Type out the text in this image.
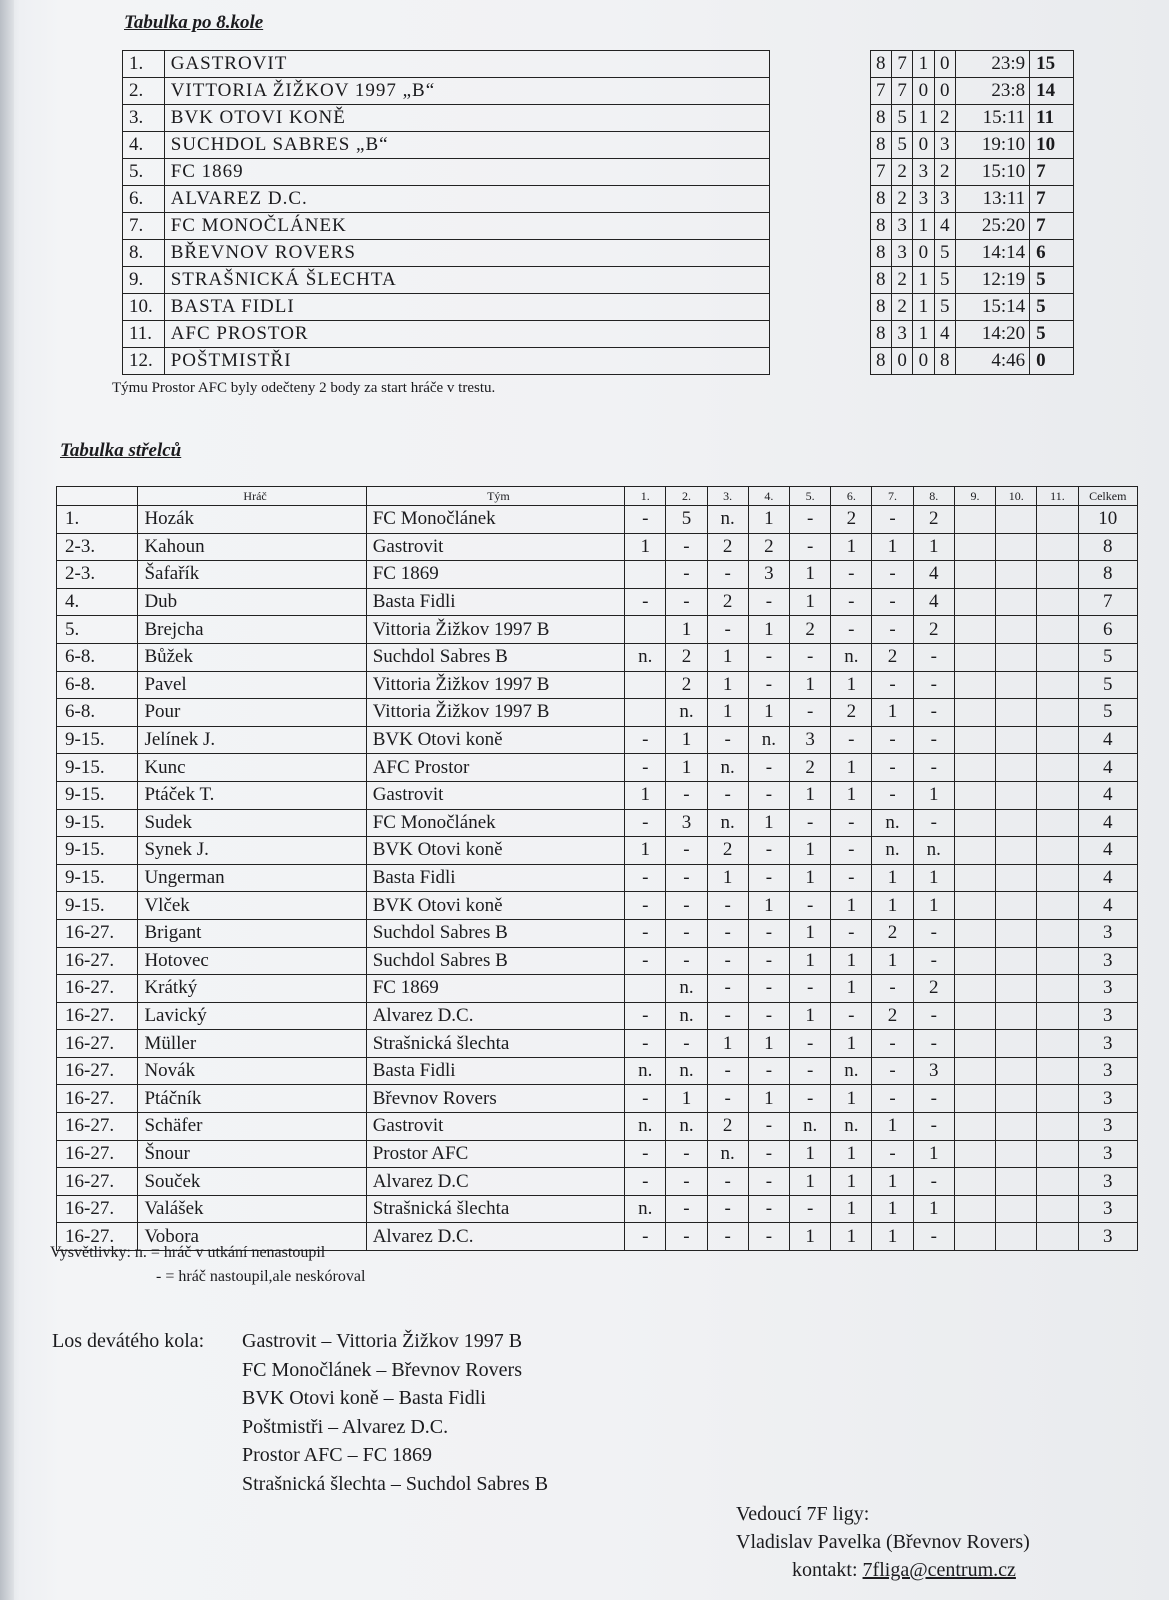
Tabulka po 8.kole
1.	GASTROVIT		8	7	1	0	23:9	15
2.	VITTORIA ŽIŽKOV 1997 „B“		7	7	0	0	23:8	14
3.	BVK OTOVI KONĚ		8	5	1	2	15:11	11
4.	SUCHDOL SABRES „B“		8	5	0	3	19:10	10
5.	FC 1869		7	2	3	2	15:10	7
6.	ALVAREZ D.C.		8	2	3	3	13:11	7
7.	FC MONOČLÁNEK		8	3	1	4	25:20	7
8.	BŘEVNOV ROVERS		8	3	0	5	14:14	6
9.	STRAŠNICKÁ ŠLECHTA		8	2	1	5	12:19	5
10.	BASTA FIDLI		8	2	1	5	15:14	5
11.	AFC PROSTOR		8	3	1	4	14:20	5
12.	POŠTMISTŘI		8	0	0	8	4:46	0
Týmu Prostor AFC byly odečteny 2 body za start hráče v trestu.
Tabulka střelců
	Hráč	Tým	1.	2.	3.	4.	5.	6.	7.	8.	9.	10.	11.	Celkem
1.	Hozák	FC Monočlánek	-	5	n.	1	-	2	-	2				10
2-3.	Kahoun	Gastrovit	1	-	2	2	-	1	1	1				8
2-3.	Šafařík	FC 1869		-	-	3	1	-	-	4				8
4.	Dub	Basta Fidli	-	-	2	-	1	-	-	4				7
5.	Brejcha	Vittoria Žižkov 1997 B		1	-	1	2	-	-	2				6
6-8.	Bůžek	Suchdol Sabres B	n.	2	1	-	-	n.	2	-				5
6-8.	Pavel	Vittoria Žižkov 1997 B		2	1	-	1	1	-	-				5
6-8.	Pour	Vittoria Žižkov 1997 B		n.	1	1	-	2	1	-				5
9-15.	Jelínek J.	BVK Otovi koně	-	1	-	n.	3	-	-	-				4
9-15.	Kunc	AFC Prostor	-	1	n.	-	2	1	-	-				4
9-15.	Ptáček T.	Gastrovit	1	-	-	-	1	1	-	1				4
9-15.	Sudek	FC Monočlánek	-	3	n.	1	-	-	n.	-				4
9-15.	Synek J.	BVK Otovi koně	1	-	2	-	1	-	n.	n.				4
9-15.	Ungerman	Basta Fidli	-	-	1	-	1	-	1	1				4
9-15.	Vlček	BVK Otovi koně	-	-	-	1	-	1	1	1				4
16-27.	Brigant	Suchdol Sabres B	-	-	-	-	1	-	2	-				3
16-27.	Hotovec	Suchdol Sabres B	-	-	-	-	1	1	1	-				3
16-27.	Krátký	FC 1869		n.	-	-	-	1	-	2				3
16-27.	Lavický	Alvarez D.C.	-	n.	-	-	1	-	2	-				3
16-27.	Müller	Strašnická šlechta	-	-	1	1	-	1	-	-				3
16-27.	Novák	Basta Fidli	n.	n.	-	-	-	n.	-	3				3
16-27.	Ptáčník	Břevnov Rovers	-	1	-	1	-	1	-	-				3
16-27.	Schäfer	Gastrovit	n.	n.	2	-	n.	n.	1	-				3
16-27.	Šnour	Prostor AFC	-	-	n.	-	1	1	-	1				3
16-27.	Souček	Alvarez D.C	-	-	-	-	1	1	1	-				3
16-27.	Valášek	Strašnická šlechta	n.	-	-	-	-	1	1	1				3
16-27.	Vobora	Alvarez D.C.	-	-	-	-	1	1	1	-				3
Vysvětlivky: n. = hráč v utkání nenastoupil
- = hráč nastoupil,ale neskóroval
Los devátého kola:	Gastrovit – Vittoria Žižkov 1997 B
FC Monočlánek – Břevnov Rovers
BVK Otovi koně – Basta Fidli
Poštmistři – Alvarez D.C.
Prostor AFC – FC 1869
Strašnická šlechta – Suchdol Sabres B
Vedoucí 7F ligy:
Vladislav Pavelka (Břevnov Rovers)
kontakt: 7fliga@centrum.cz
